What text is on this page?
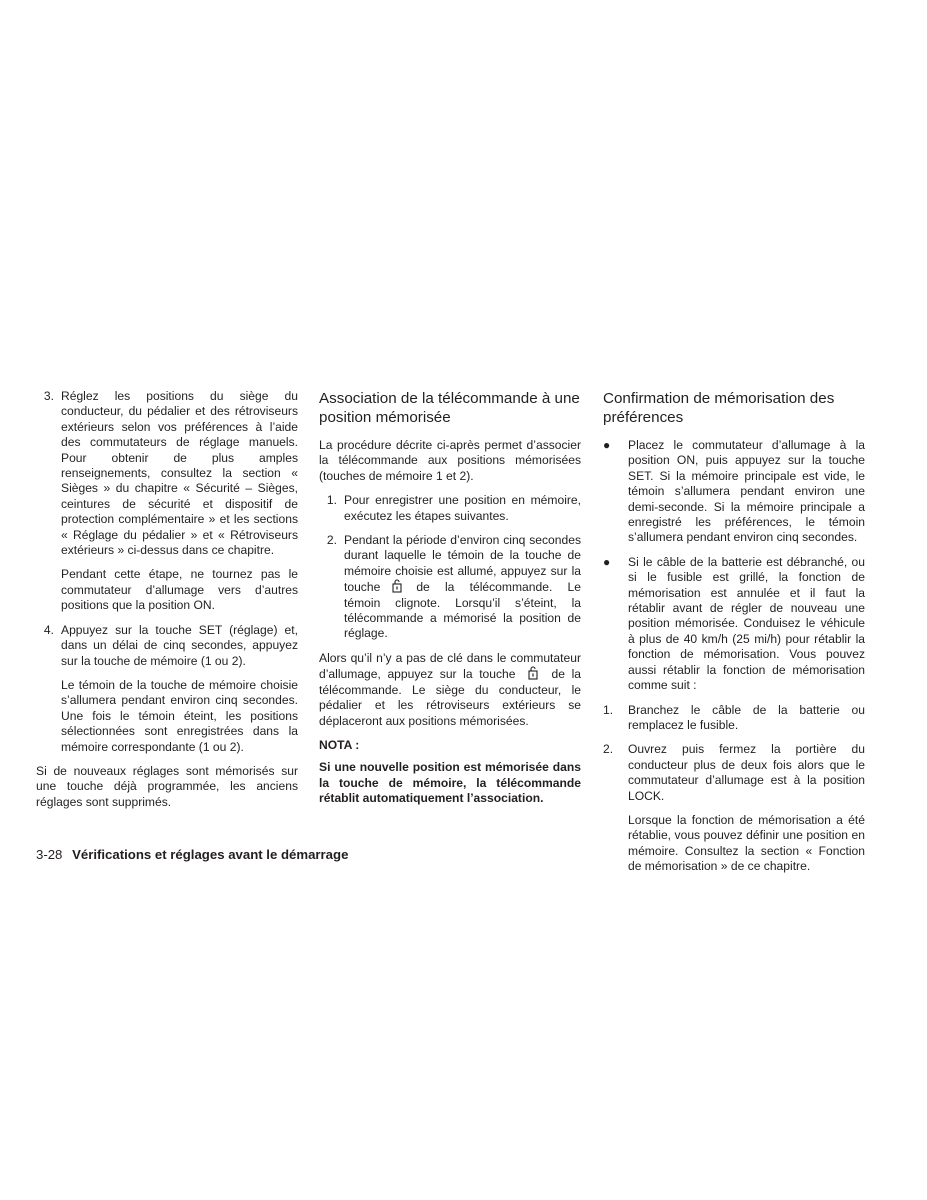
3. Réglez les positions du siège du conducteur, du pédalier et des rétroviseurs extérieurs selon vos préférences à l’aide des commutateurs de réglage manuels. Pour obtenir de plus amples renseignements, consultez la section « Sièges » du chapitre « Sécurité – Sièges, ceintures de sécurité et dispositif de protection complémentaire » et les sections « Réglage du pédalier » et « Rétroviseurs extérieurs » ci-dessus dans ce chapitre.

Pendant cette étape, ne tournez pas le commutateur d’allumage vers d’autres positions que la position ON.

4. Appuyez sur la touche SET (réglage) et, dans un délai de cinq secondes, appuyez sur la touche de mémoire (1 ou 2).

Le témoin de la touche de mémoire choisie s’allumera pendant environ cinq secondes. Une fois le témoin éteint, les positions sélectionnées sont enregistrées dans la mémoire correspondante (1 ou 2).

Si de nouveaux réglages sont mémorisés sur une touche déjà programmée, les anciens réglages sont supprimés.

Association de la télécommande à une position mémorisée

La procédure décrite ci-après permet d’associer la télécommande aux positions mémorisées (touches de mémoire 1 et 2).

1. Pour enregistrer une position en mémoire, exécutez les étapes suivantes.

2. Pendant la période d’environ cinq secondes durant laquelle le témoin de la touche de mémoire choisie est allumé, appuyez sur la touche	de la télécommande. Le témoin clignote. Lorsqu’il s’éteint, la télécommande a mémorisé la position de réglage.

Alors qu’il n’y a pas de clé dans le commutateur d’allumage, appuyez sur la touche	de la télécommande. Le siège du conducteur, le pédalier et les rétroviseurs extérieurs se déplaceront aux positions mémorisées.

NOTA :

Si une nouvelle position est mémorisée dans la touche de mémoire, la télécommande rétablit automatiquement l’association.

Confirmation de mémorisation des préférences
●	Placez le commutateur d’allumage à la position ON, puis appuyez sur la touche SET. Si la mémoire principale est vide, le témoin s’allumera pendant environ une demi-seconde. Si la mémoire principale a enregistré les préférences, le témoin s’allumera pendant environ cinq secondes.

●	Si le câble de la batterie est débranché, ou si le fusible est grillé, la fonction de mémorisation est annulée et il faut la rétablir avant de régler de nouveau une position mémorisée. Conduisez le véhicule à plus de 40 km/h (25 mi/h) pour rétablir la fonction de mémorisation. Vous pouvez aussi rétablir la fonction de mémorisation comme suit :

1.	Branchez le câble de la batterie ou remplacez le fusible.

2.	Ouvrez puis fermez la portière du conducteur plus de deux fois alors que le commutateur d’allumage est à la position LOCK.

Lorsque la fonction de mémorisation a été rétablie, vous pouvez définir une position en mémoire. Consultez la section « Fonction de mémorisation » de ce chapitre.

3-28 Vérifications et réglages avant le démarrage
